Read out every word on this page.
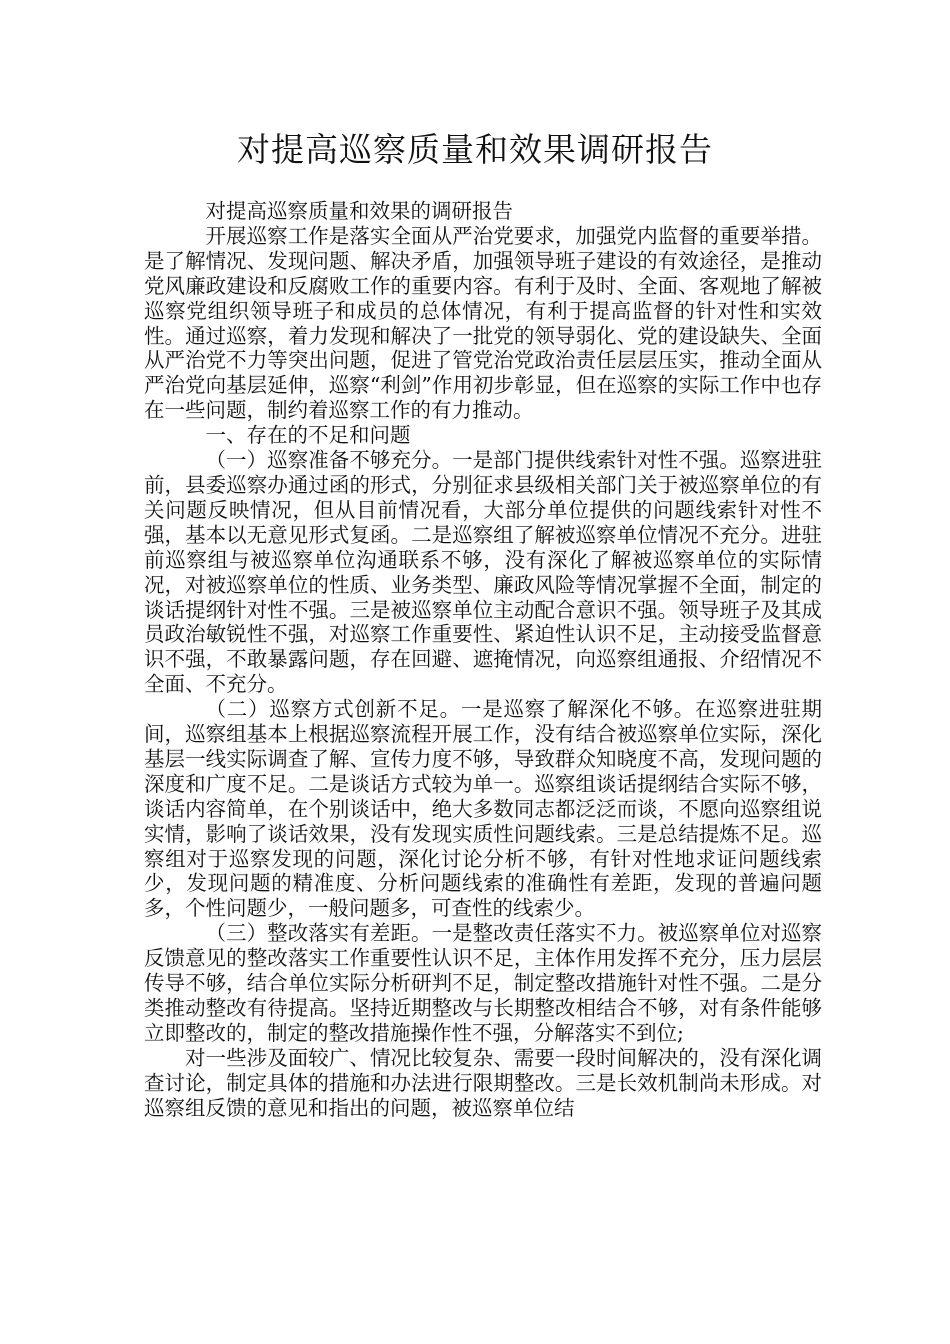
对提高巡察质量和效果调研报告

对提高巡察质量和效果的调研报告

开展巡察工作是落实全面从严治党要求，加强党内监督的重要举措。是了解情况、发现问题、解决矛盾，加强领导班子建设的有效途径，是推动党风廉政建设和反腐败工作的重要内容。有利于及时、全面、客观地了解被巡察党组织领导班子和成员的总体情况，有利于提高监督的针对性和实效性。通过巡察，着力发现和解决了一批党的领导弱化、党的建设缺失、全面从严治党不力等突出问题，促进了管党治党政治责任层层压实，推动全面从严治党向基层延伸，巡察“利剑”作用初步彰显，但在巡察的实际工作中也存在一些问题，制约着巡察工作的有力推动。

一、存在的不足和问题

（一）巡察准备不够充分。一是部门提供线索针对性不强。巡察进驻前，县委巡察办通过函的形式，分别征求县级相关部门关于被巡察单位的有关问题反映情况，但从目前情况看，大部分单位提供的问题线索针对性不强，基本以无意见形式复函。二是巡察组了解被巡察单位情况不充分。进驻前巡察组与被巡察单位沟通联系不够，没有深化了解被巡察单位的实际情况，对被巡察单位的性质、业务类型、廉政风险等情况掌握不全面，制定的谈话提纲针对性不强。三是被巡察单位主动配合意识不强。领导班子及其成员政治敏锐性不强，对巡察工作重要性、紧迫性认识不足，主动接受监督意识不强，不敢暴露问题，存在回避、遮掩情况，向巡察组通报、介绍情况不全面、不充分。

（二）巡察方式创新不足。一是巡察了解深化不够。在巡察进驻期间，巡察组基本上根据巡察流程开展工作，没有结合被巡察单位实际，深化基层一线实际调查了解、宣传力度不够，导致群众知晓度不高，发现问题的深度和广度不足。二是谈话方式较为单一。巡察组谈话提纲结合实际不够，谈话内容简单，在个别谈话中，绝大多数同志都泛泛而谈，不愿向巡察组说实情，影响了谈话效果，没有发现实质性问题线索。三是总结提炼不足。巡察组对于巡察发现的问题，深化讨论分析不够，有针对性地求证问题线索少，发现问题的精准度、分析问题线索的准确性有差距，发现的普遍问题多，个性问题少，一般问题多，可查性的线索少。

（三）整改落实有差距。一是整改责任落实不力。被巡察单位对巡察反馈意见的整改落实工作重要性认识不足，主体作用发挥不充分，压力层层传导不够，结合单位实际分析研判不足，制定整改措施针对性不强。二是分类推动整改有待提高。坚持近期整改与长期整改相结合不够，对有条件能够立即整改的，制定的整改措施操作性不强，分解落实不到位;

对一些涉及面较广、情况比较复杂、需要一段时间解决的，没有深化调查讨论，制定具体的措施和办法进行限期整改。三是长效机制尚未形成。对巡察组反馈的意见和指出的问题，被巡察单位结
